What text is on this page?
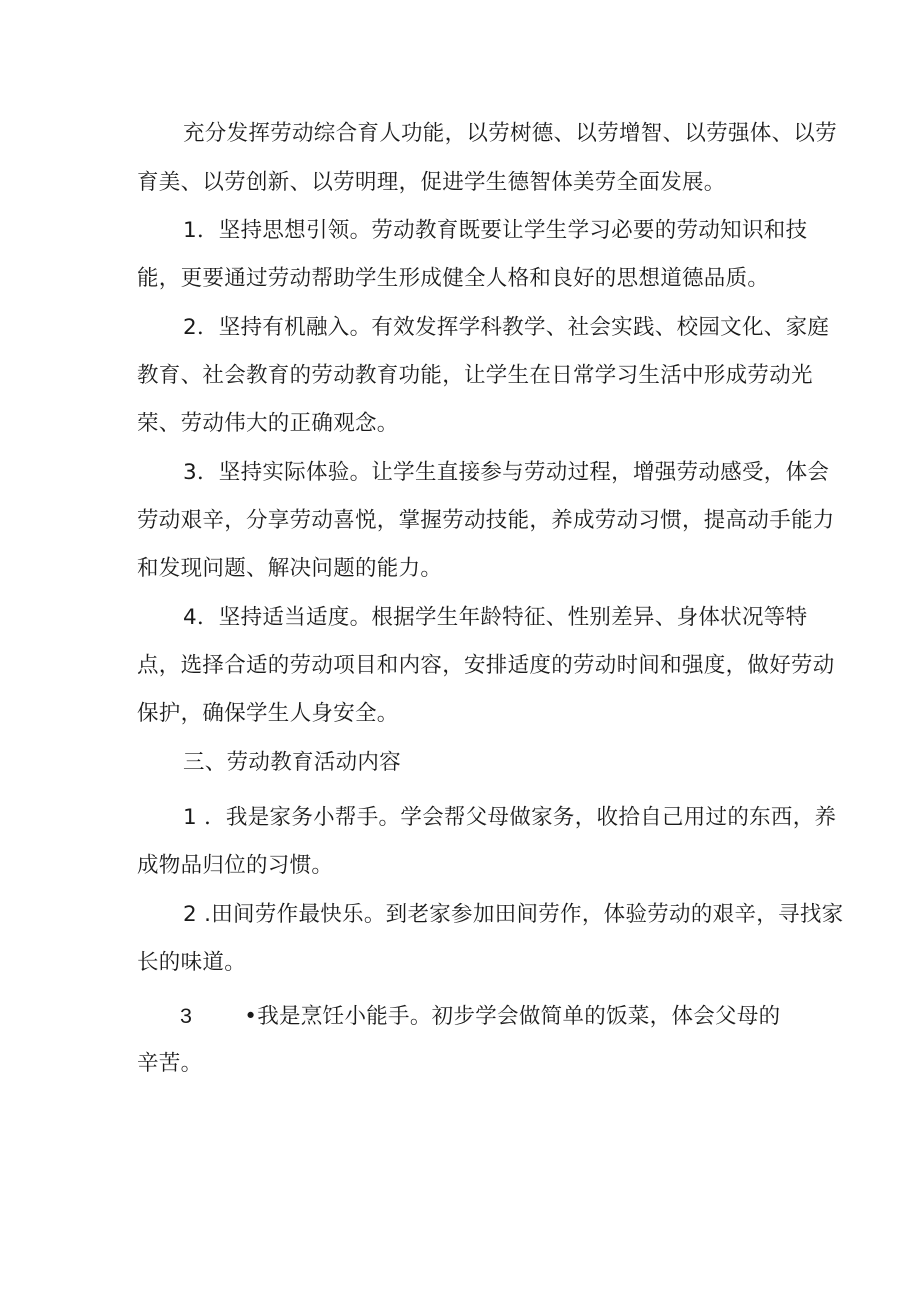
充分发挥劳动综合育人功能，以劳树德、以劳增智、以劳强体、以劳
育美、以劳创新、以劳明理，促进学生德智体美劳全面发展。
1．坚持思想引领。劳动教育既要让学生学习必要的劳动知识和技
能，更要通过劳动帮助学生形成健全人格和良好的思想道德品质。
2．坚持有机融入。有效发挥学科教学、社会实践、校园文化、家庭
教育、社会教育的劳动教育功能，让学生在日常学习生活中形成劳动光
荣、劳动伟大的正确观念。
3．坚持实际体验。让学生直接参与劳动过程，增强劳动感受，体会
劳动艰辛，分享劳动喜悦，掌握劳动技能，养成劳动习惯，提高动手能力
和发现问题、解决问题的能力。
4．坚持适当适度。根据学生年龄特征、性别差异、身体状况等特
点，选择合适的劳动项目和内容，安排适度的劳动时间和强度，做好劳动
保护，确保学生人身安全。
三、劳动教育活动内容
1 ．我是家务小帮手。学会帮父母做家务，收拾自己用过的东西，养
成物品归位的习惯。
2 .田间劳作最快乐。到老家参加田间劳作，体验劳动的艰辛，寻找家
长的味道。
3 •我是烹饪小能手。初步学会做简单的饭菜，体会父母的
辛苦。
